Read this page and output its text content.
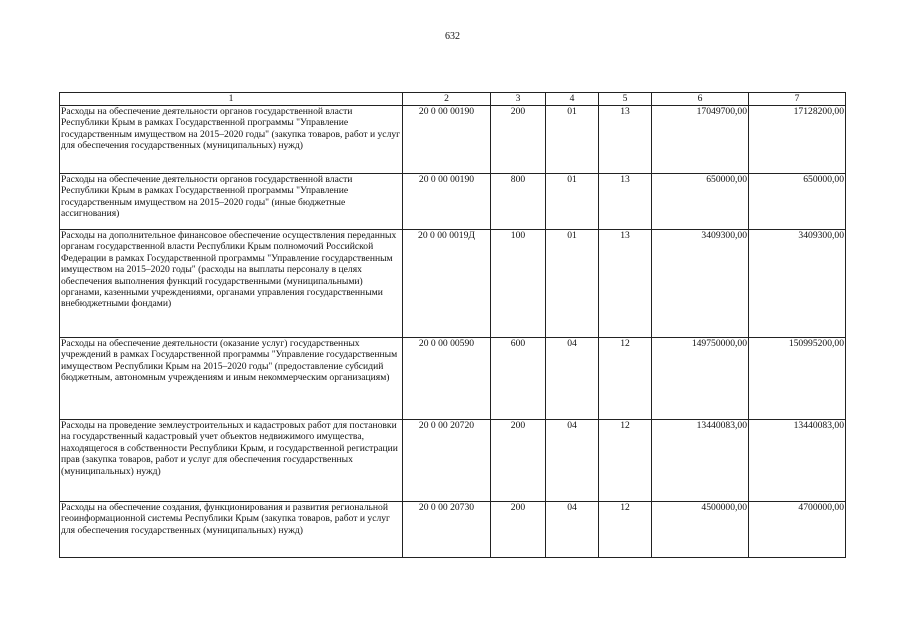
632
1	2	3	4	5	6	7
Расходы на обеспечение деятельности органов государственной власти Республики Крым в рамках Государственной программы "Управление государственным имуществом на 2015–2020 годы" (закупка товаров, работ и услуг для обеспечения государственных (муниципальных) нужд)	20 0 00 00190	200	01	13	17049700,00	17128200,00
Расходы на обеспечение деятельности органов государственной власти Республики Крым в рамках Государственной программы "Управление государственным имуществом на 2015–2020 годы" (иные бюджетные ассигнования)	20 0 00 00190	800	01	13	650000,00	650000,00
Расходы на дополнительное финансовое обеспечение осуществления переданных органам государственной власти Республики Крым полномочий Российской Федерации в рамках Государственной программы "Управление государственным имуществом на 2015–2020 годы" (расходы на выплаты персоналу в целях обеспечения выполнения функций государственными (муниципальными) органами, казенными учреждениями, органами управления государственными внебюджетными фондами)	20 0 00 0019Д	100	01	13	3409300,00	3409300,00
Расходы на обеспечение деятельности (оказание услуг) государственных учреждений в рамках Государственной программы "Управление государственным имуществом Республики Крым на 2015–2020 годы" (предоставление субсидий бюджетным, автономным учреждениям и иным некоммерческим организациям)	20 0 00 00590	600	04	12	149750000,00	150995200,00
Расходы на проведение землеустроительных и кадастровых работ для постановки на государственный кадастровый учет объектов недвижимого имущества, находящегося в собственности Республики Крым, и государственной регистрации прав (закупка товаров, работ и услуг для обеспечения государственных (муниципальных) нужд)	20 0 00 20720	200	04	12	13440083,00	13440083,00
Расходы на обеспечение создания, функционирования и развития региональной геоинформационной системы Республики Крым (закупка товаров, работ и услуг для обеспечения государственных (муниципальных) нужд)	20 0 00 20730	200	04	12	4500000,00	4700000,00
